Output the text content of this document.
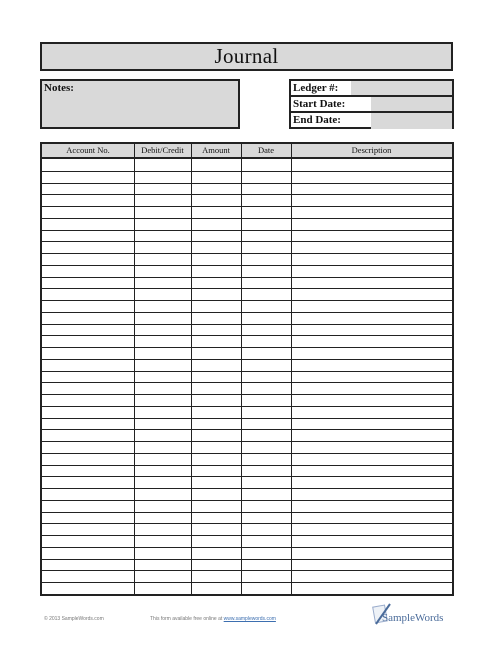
Journal
Notes:	Ledger #:
Start Date:
End Date:
Account No.	Debit/Credit	Amount	Date	Description
© 2013 SampleWords.com	This form available free online at www.samplewords.com	SampleWords
